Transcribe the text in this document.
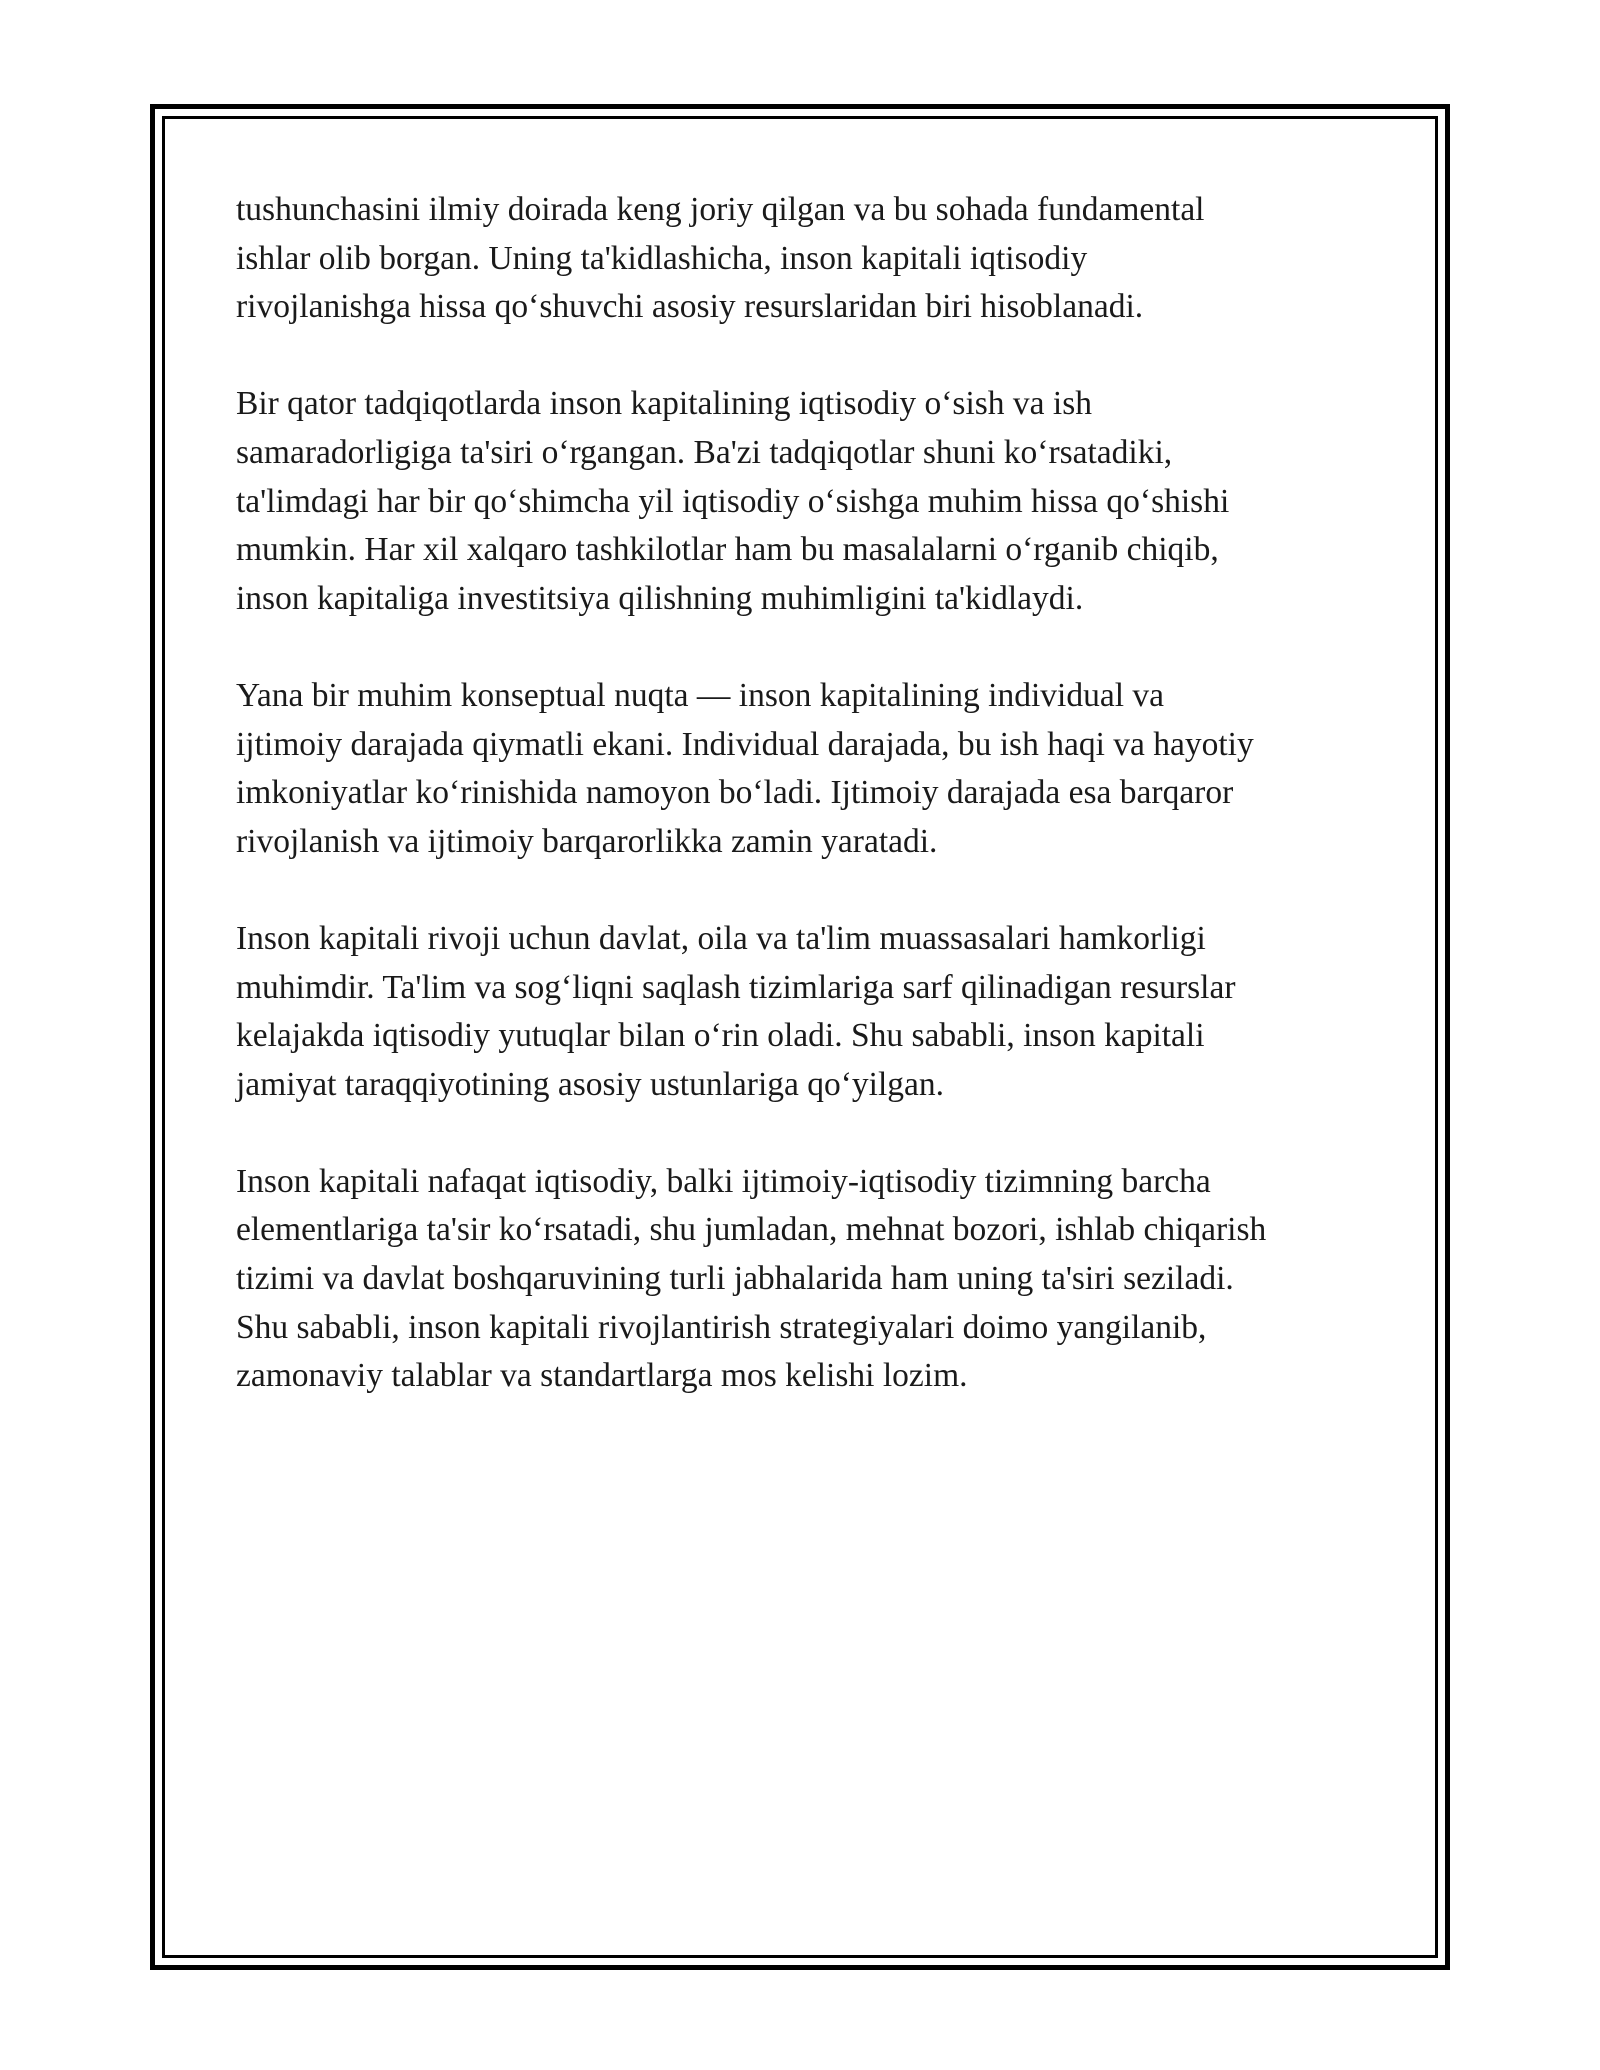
tushunchasini ilmiy doirada keng joriy qilgan va bu sohada fundamental
ishlar olib borgan. Uning ta'kidlashicha, inson kapitali iqtisodiy
rivojlanishga hissa qo‘shuvchi asosiy resurslaridan biri hisoblanadi.

Bir qator tadqiqotlarda inson kapitalining iqtisodiy o‘sish va ish
samaradorligiga ta'siri o‘rgangan. Ba'zi tadqiqotlar shuni ko‘rsatadiki,
ta'limdagi har bir qo‘shimcha yil iqtisodiy o‘sishga muhim hissa qo‘shishi
mumkin. Har xil xalqaro tashkilotlar ham bu masalalarni o‘rganib chiqib,
inson kapitaliga investitsiya qilishning muhimligini ta'kidlaydi.

Yana bir muhim konseptual nuqta — inson kapitalining individual va
ijtimoiy darajada qiymatli ekani. Individual darajada, bu ish haqi va hayotiy
imkoniyatlar ko‘rinishida namoyon bo‘ladi. Ijtimoiy darajada esa barqaror
rivojlanish va ijtimoiy barqarorlikka zamin yaratadi.

Inson kapitali rivoji uchun davlat, oila va ta'lim muassasalari hamkorligi
muhimdir. Ta'lim va sog‘liqni saqlash tizimlariga sarf qilinadigan resurslar
kelajakda iqtisodiy yutuqlar bilan o‘rin oladi. Shu sababli, inson kapitali
jamiyat taraqqiyotining asosiy ustunlariga qo‘yilgan.

Inson kapitali nafaqat iqtisodiy, balki ijtimoiy-iqtisodiy tizimning barcha
elementlariga ta'sir ko‘rsatadi, shu jumladan, mehnat bozori, ishlab chiqarish
tizimi va davlat boshqaruvining turli jabhalarida ham uning ta'siri seziladi.
Shu sababli, inson kapitali rivojlantirish strategiyalari doimo yangilanib,
zamonaviy talablar va standartlarga mos kelishi lozim.
